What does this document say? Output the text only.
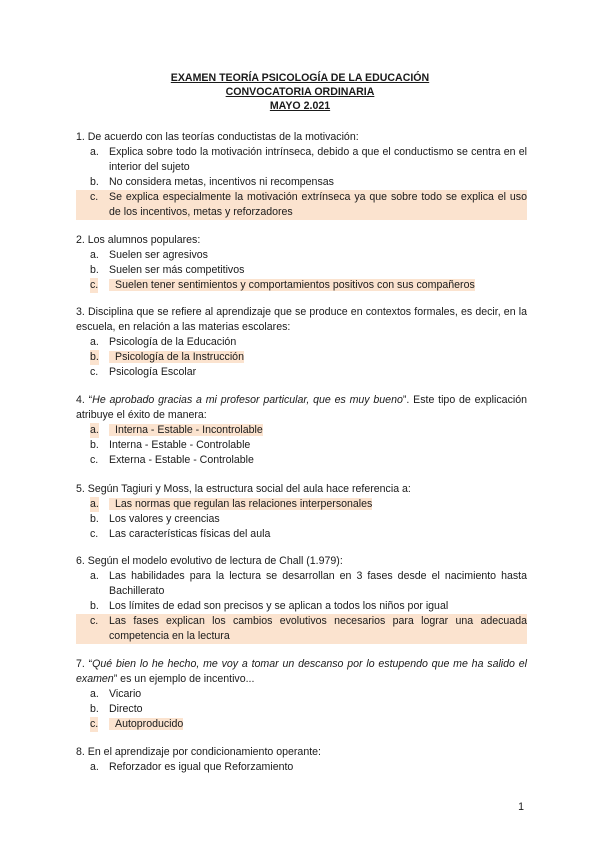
EXAMEN TEORÍA PSICOLOGÍA DE LA EDUCACIÓN
CONVOCATORIA ORDINARIA
MAYO 2.021
1. De acuerdo con las teorías conductistas de la motivación:
a. Explica sobre todo la motivación intrínseca, debido a que el conductismo se centra en el interior del sujeto
b. No considera metas, incentivos ni recompensas
c. Se explica especialmente la motivación extrínseca ya que sobre todo se explica el uso de los incentivos, metas y reforzadores
2. Los alumnos populares:
a. Suelen ser agresivos
b. Suelen ser más competitivos
c. Suelen tener sentimientos y comportamientos positivos con sus compañeros
3. Disciplina que se refiere al aprendizaje que se produce en contextos formales, es decir, en la escuela, en relación a las materias escolares:
a. Psicología de la Educación
b. Psicología de la Instrucción
c. Psicología Escolar
4. “He aprobado gracias a mi profesor particular, que es muy bueno”. Este tipo de explicación atribuye el éxito de manera:
a. Interna - Estable - Incontrolable
b. Interna - Estable - Controlable
c. Externa - Estable - Controlable
5. Según Tagiuri y Moss, la estructura social del aula hace referencia a:
a. Las normas que regulan las relaciones interpersonales
b. Los valores y creencias
c. Las características físicas del aula
6. Según el modelo evolutivo de lectura de Chall (1.979):
a. Las habilidades para la lectura se desarrollan en 3 fases desde el nacimiento hasta Bachillerato
b. Los límites de edad son precisos y se aplican a todos los niños por igual
c. Las fases explican los cambios evolutivos necesarios para lograr una adecuada competencia en la lectura
7. “Qué bien lo he hecho, me voy a tomar un descanso por lo estupendo que me ha salido el examen” es un ejemplo de incentivo...
a. Vicario
b. Directo
c. Autoproducido
8. En el aprendizaje por condicionamiento operante:
a. Reforzador es igual que Reforzamiento
1
